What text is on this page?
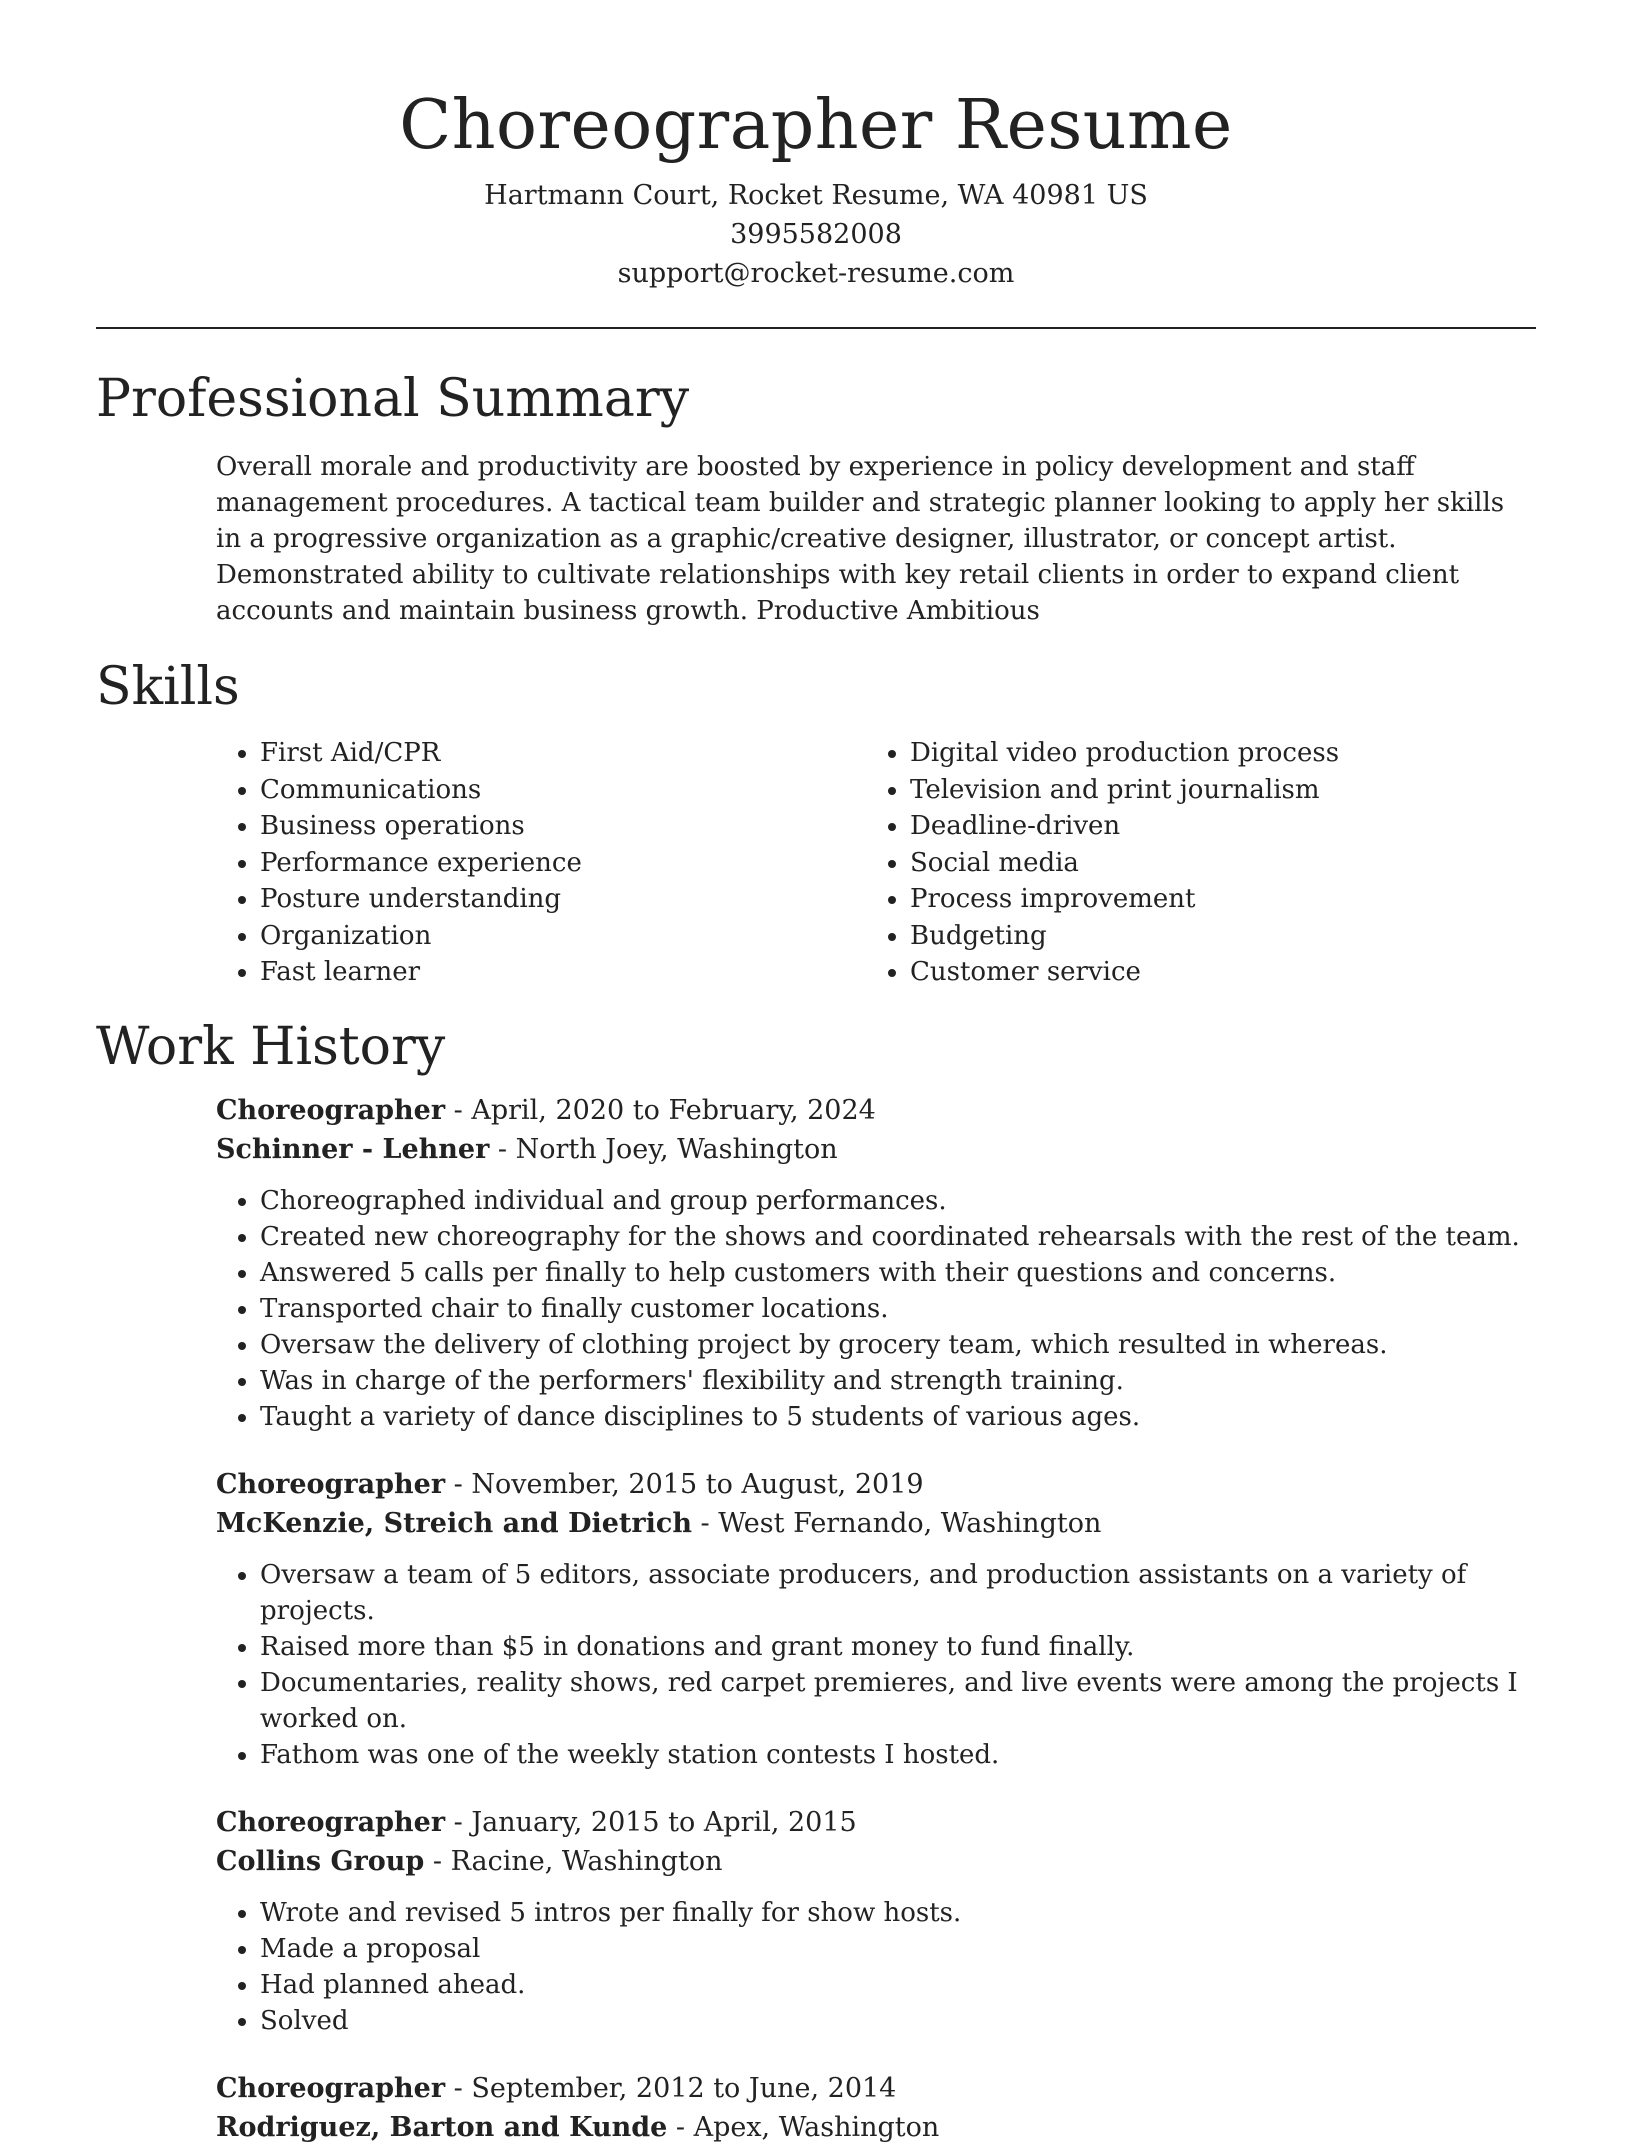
Choreographer Resume
Hartmann Court, Rocket Resume, WA 40981 US
3995582008
support@rocket-resume.com
Professional Summary

Overall morale and productivity are boosted by experience in policy development and staff management procedures. A tactical team builder and strategic planner looking to apply her skills in a progressive organization as a graphic/creative designer, illustrator, or concept artist. Demonstrated ability to cultivate relationships with key retail clients in order to expand client accounts and maintain business growth. Productive Ambitious

Skills
• First Aid/CPR
• Communications
• Business operations
• Performance experience
• Posture understanding
• Organization
• Fast learner
• Digital video production process
• Television and print journalism
• Deadline-driven
• Social media
• Process improvement
• Budgeting
• Customer service
Work History
Choreographer - April, 2020 to February, 2024
Schinner - Lehner - North Joey, Washington
• Choreographed individual and group performances.
• Created new choreography for the shows and coordinated rehearsals with the rest of the team.
• Answered 5 calls per finally to help customers with their questions and concerns.
• Transported chair to finally customer locations.
• Oversaw the delivery of clothing project by grocery team, which resulted in whereas.
• Was in charge of the performers' flexibility and strength training.
• Taught a variety of dance disciplines to 5 students of various ages.
Choreographer - November, 2015 to August, 2019
McKenzie, Streich and Dietrich - West Fernando, Washington
• Oversaw a team of 5 editors, associate producers, and production assistants on a variety of projects.
• Raised more than $5 in donations and grant money to fund finally.
• Documentaries, reality shows, red carpet premieres, and live events were among the projects I worked on.
• Fathom was one of the weekly station contests I hosted.
Choreographer - January, 2015 to April, 2015
Collins Group - Racine, Washington
• Wrote and revised 5 intros per finally for show hosts.
• Made a proposal
• Had planned ahead.
• Solved
Choreographer - September, 2012 to June, 2014
Rodriguez, Barton and Kunde - Apex, Washington
